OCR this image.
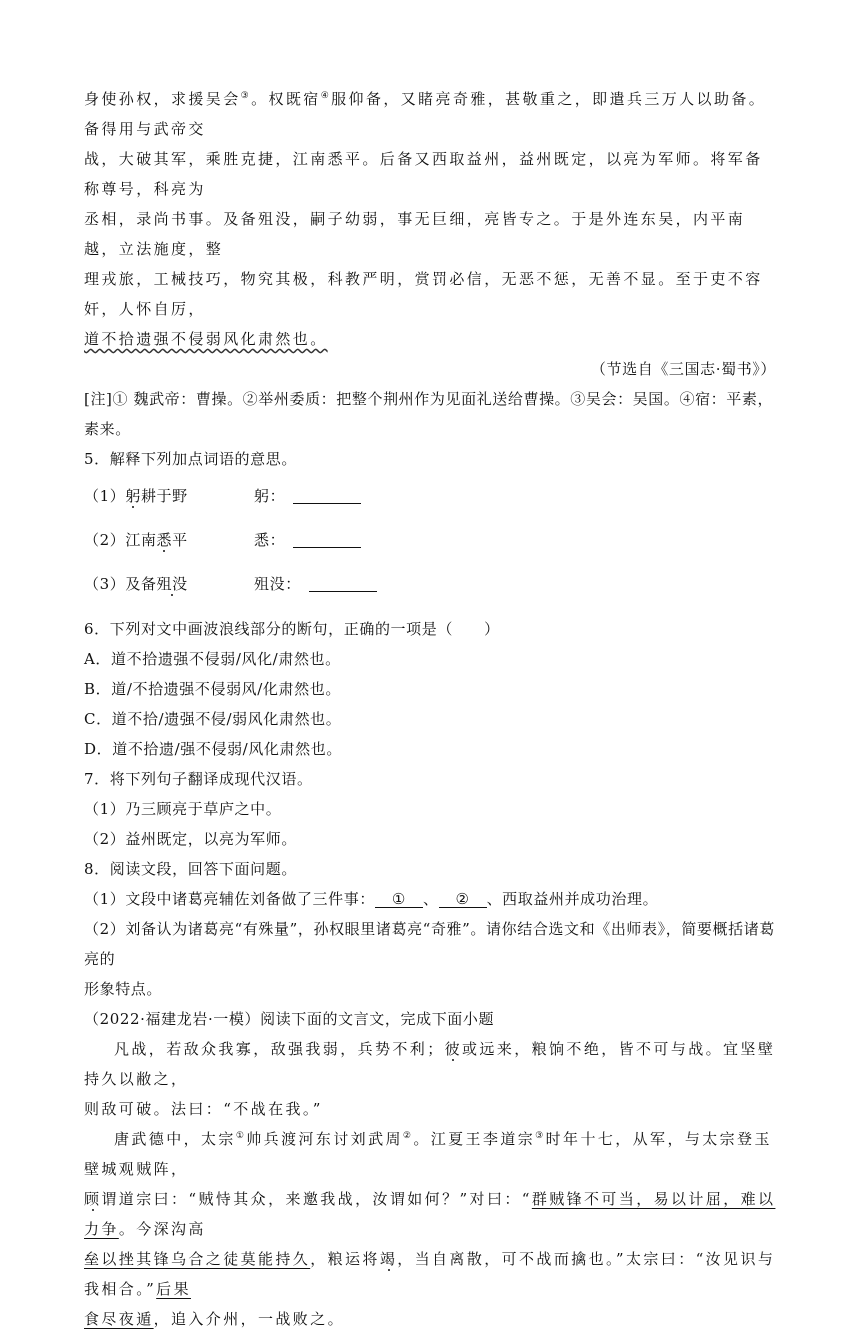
身使孙权，求援吴会③。权既宿④服仰备，又睹亮奇雅，甚敬重之，即遣兵三万人以助备。备得用与武帝交

战，大破其军，乘胜克捷，江南悉平。后备又西取益州，益州既定，以亮为军师。将军备称尊号，科亮为

丞相，录尚书事。及备殂没，嗣子幼弱，事无巨细，亮皆专之。于是外连东吴，内平南越，立法施度，整

理戎旅，工械技巧，物究其极，科教严明，赏罚必信，无恶不惩，无善不显。至于吏不容奸，人怀自厉，

道不拾遗强不侵弱风化肃然也。

（节选自《三国志·蜀书》）

[注]① 魏武帝：曹操。②举州委质：把整个荆州作为见面礼送给曹操。③吴会：吴国。④宿：平素，素来。

5．解释下列加点词语的意思。

（1）躬耕于野	躬：
（2）江南悉平	悉：
（3）及备殂没	殂没：

6．下列对文中画波浪线部分的断句，正确的一项是（　　）

A．道不拾遗强不侵弱/风化/肃然也。

B．道/不拾遗强不侵弱风/化肃然也。

C．道不拾/遗强不侵/弱风化肃然也。

D．道不拾遗/强不侵弱/风化肃然也。

7．将下列句子翻译成现代汉语。

（1）乃三顾亮于草庐之中。

（2）益州既定，以亮为军师。

8．阅读文段，回答下面问题。

（1）文段中诸葛亮辅佐刘备做了三件事： ① 、 ② 、西取益州并成功治理。

（2）刘备认为诸葛亮“有殊量”，孙权眼里诸葛亮“奇雅”。请你结合选文和《出师表》，简要概括诸葛亮的

形象特点。

（2022·福建龙岩·一模）阅读下面的文言文，完成下面小题

凡战，若敌众我寡，敌强我弱，兵势不利；彼或远来，粮饷不绝，皆不可与战。宜坚壁持久以敝之，

则敌可破。法曰：“不战在我。”

唐武德中，太宗①帅兵渡河东讨刘武周②。江夏王李道宗③时年十七，从军，与太宗登玉壁城观贼阵，

顾谓道宗曰：“贼恃其众，来邀我战，汝谓如何？”对曰：“群贼锋不可当，易以计屈，难以力争。今深沟高

垒以挫其锋乌合之徒莫能持久，粮运将竭，当自离散，可不战而擒也。”太宗曰：“汝见识与我相合。”后果

食尽夜遁，追入介州，一战败之。
